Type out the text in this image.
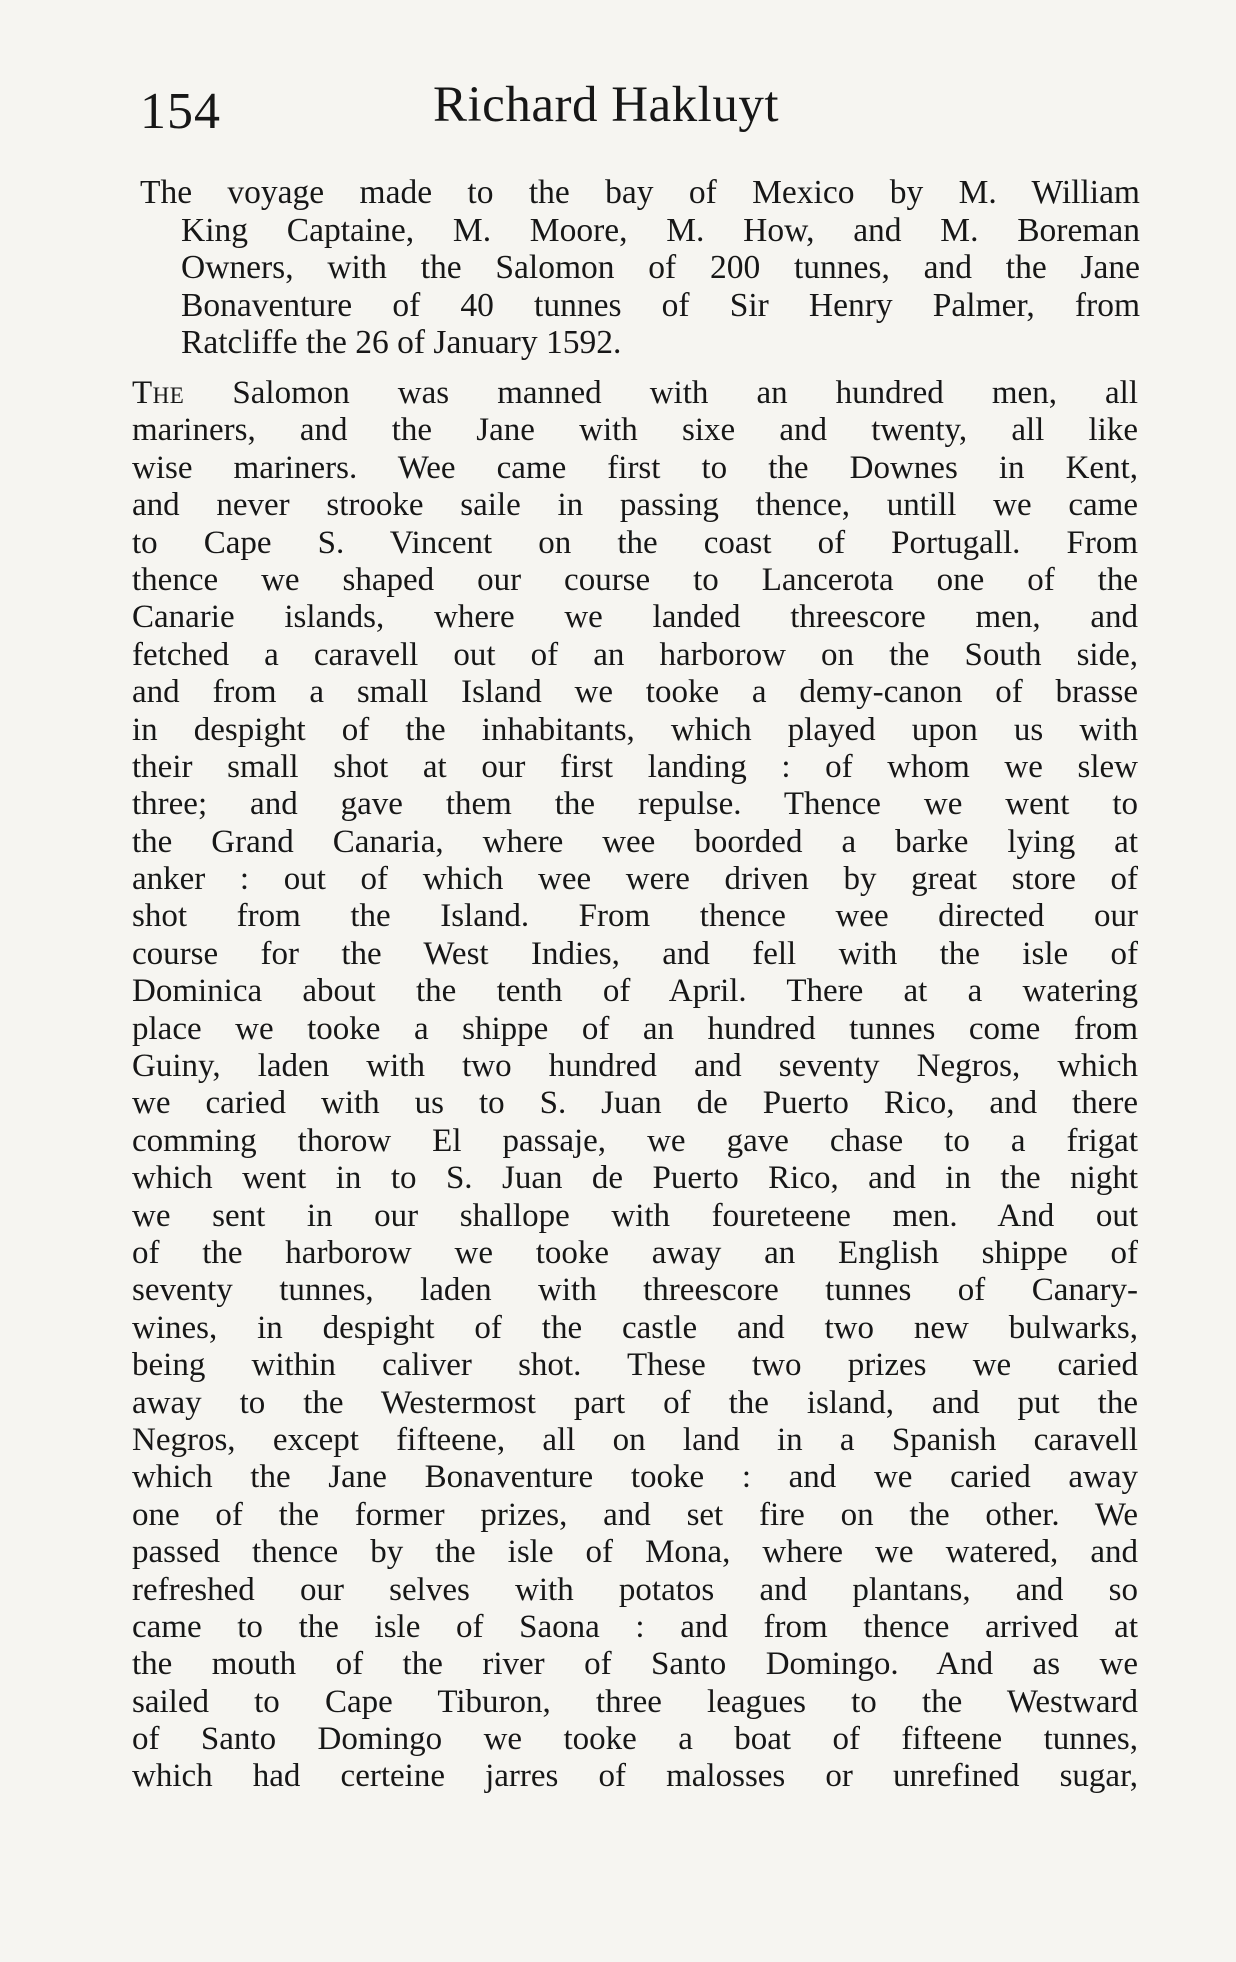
154	Richard Hakluyt
The voyage made to the bay of Mexico by M. William
King Captaine, M. Moore, M. How, and M. Boreman
Owners, with the Salomon of 200 tunnes, and the Jane
Bonaventure of 40 tunnes of Sir Henry Palmer, from
Ratcliffe the 26 of January 1592.
The Salomon was manned with an hundred men, all
mariners, and the Jane with sixe and twenty, all like
wise mariners. Wee came first to the Downes in Kent,
and never strooke saile in passing thence, untill we came
to Cape S. Vincent on the coast of Portugall. From
thence we shaped our course to Lancerota one of the
Canarie islands, where we landed threescore men, and
fetched a caravell out of an harborow on the South side,
and from a small Island we tooke a demy-canon of brasse
in despight of the inhabitants, which played upon us with
their small shot at our first landing : of whom we slew
three; and gave them the repulse. Thence we went to
the Grand Canaria, where wee boorded a barke lying at
anker : out of which wee were driven by great store of
shot from the Island. From thence wee directed our
course for the West Indies, and fell with the isle of
Dominica about the tenth of April. There at a watering
place we tooke a shippe of an hundred tunnes come from
Guiny, laden with two hundred and seventy Negros, which
we caried with us to S. Juan de Puerto Rico, and there
comming thorow El passaje, we gave chase to a frigat
which went in to S. Juan de Puerto Rico, and in the night
we sent in our shallope with foureteene men. And out
of the harborow we tooke away an English shippe of
seventy tunnes, laden with threescore tunnes of Canary-
wines, in despight of the castle and two new bulwarks,
being within caliver shot. These two prizes we caried
away to the Westermost part of the island, and put the
Negros, except fifteene, all on land in a Spanish caravell
which the Jane Bonaventure tooke : and we caried away
one of the former prizes, and set fire on the other. We
passed thence by the isle of Mona, where we watered, and
refreshed our selves with potatos and plantans, and so
came to the isle of Saona : and from thence arrived at
the mouth of the river of Santo Domingo. And as we
sailed to Cape Tiburon, three leagues to the Westward
of Santo Domingo we tooke a boat of fifteene tunnes,
which had certeine jarres of malosses or unrefined sugar,
